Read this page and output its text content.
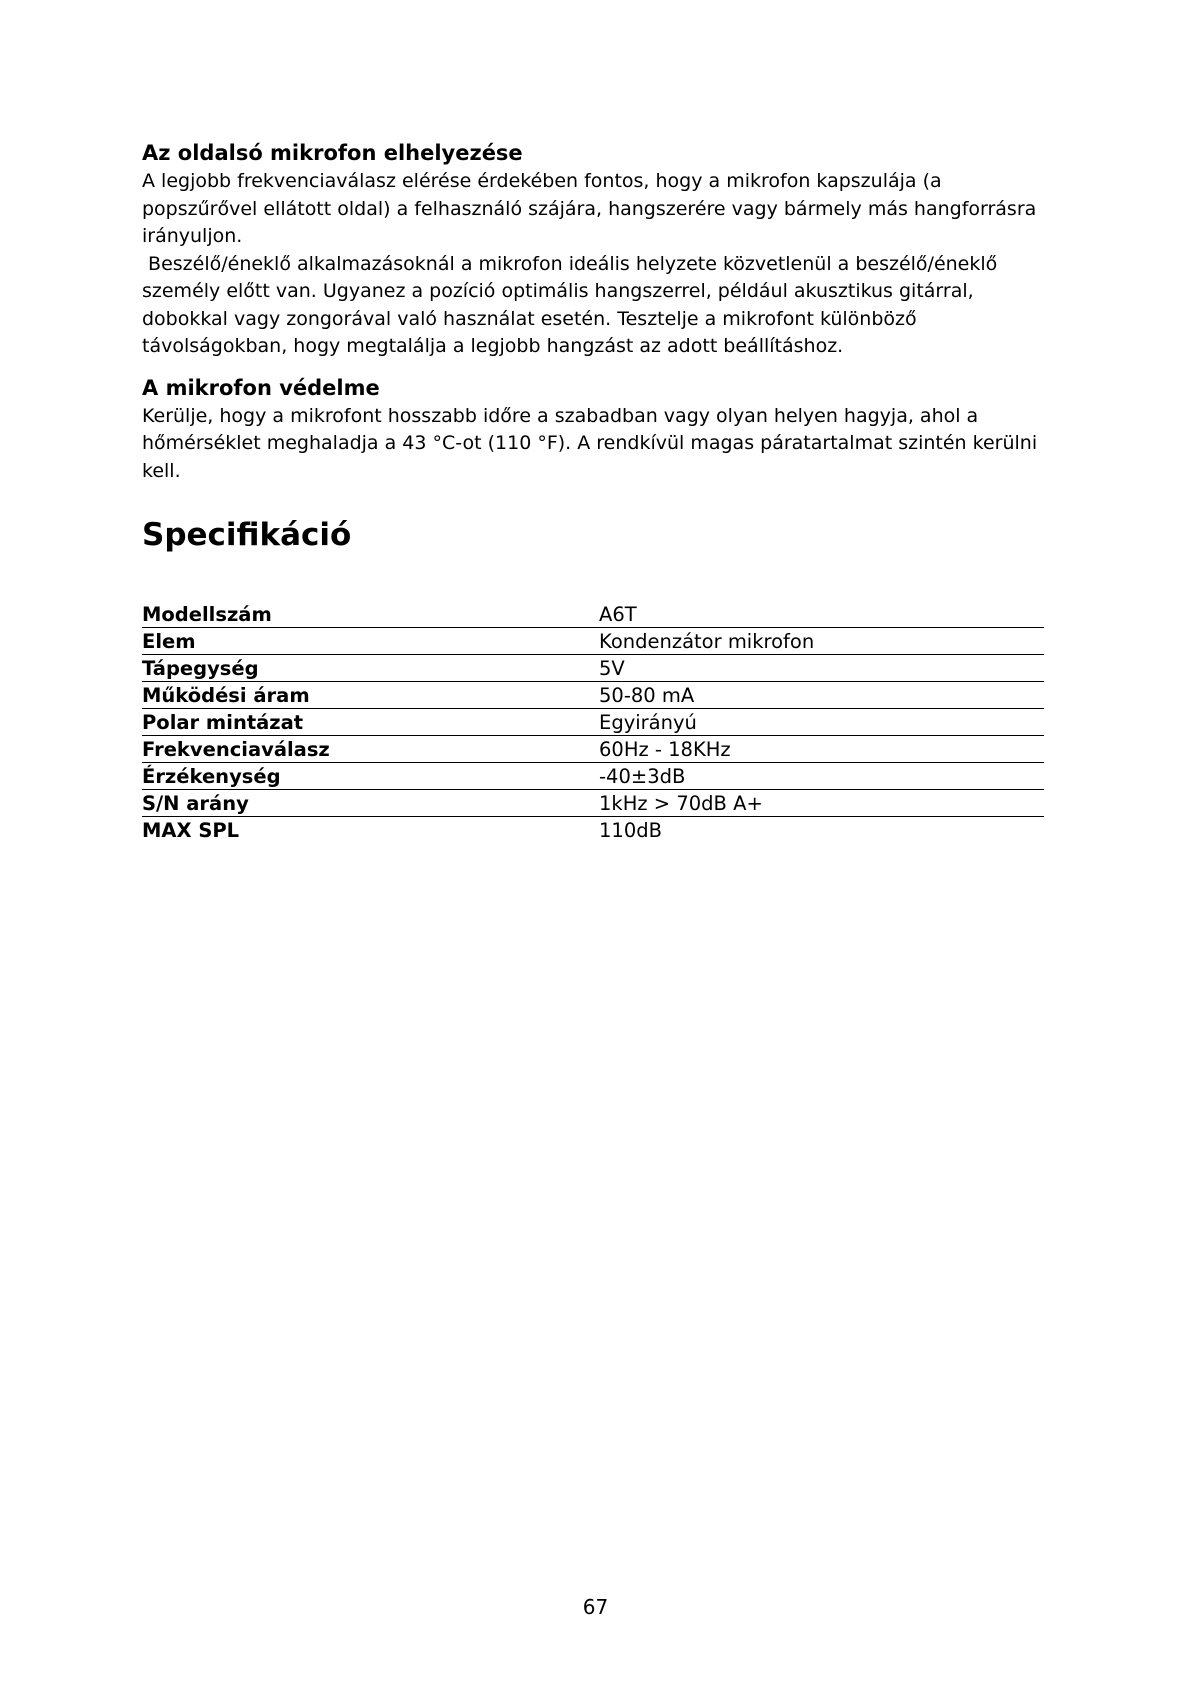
Az oldalsó mikrofon elhelyezése

A legjobb frekvenciaválasz elérése érdekében fontos, hogy a mikrofon kapszulája (a popszűrővel ellátott oldal) a felhasználó szájára, hangszerére vagy bármely más hangforrásra irányuljon.

Beszélő/éneklő alkalmazásoknál a mikrofon ideális helyzete közvetlenül a beszélő/éneklő személy előtt van. Ugyanez a pozíció optimális hangszerrel, például akusztikus gitárral, dobokkal vagy zongorával való használat esetén. Tesztelje a mikrofont különböző távolságokban, hogy megtalálja a legjobb hangzást az adott beállításhoz.

A mikrofon védelme

Kerülje, hogy a mikrofont hosszabb időre a szabadban vagy olyan helyen hagyja, ahol a hőmérséklet meghaladja a 43 °C-ot (110 °F). A rendkívül magas páratartalmat szintén kerülni kell.

Specifikáció
Modellszám	A6T
Elem	Kondenzátor mikrofon
Tápegység	5V
Működési áram	50-80 mA
Polar mintázat	Egyirányú
Frekvenciaválasz	60Hz - 18KHz
Érzékenység	-40±3dB
S/N arány	1kHz > 70dB A+
MAX SPL	110dB
67
